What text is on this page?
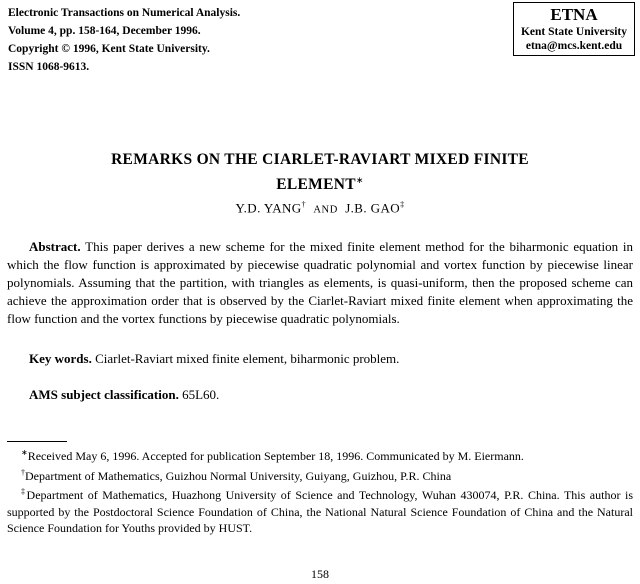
Electronic Transactions on Numerical Analysis.
Volume 4, pp. 158-164, December 1996.
Copyright © 1996, Kent State University.
ISSN 1068-9613.
ETNA
Kent State University
etna@mcs.kent.edu
REMARKS ON THE CIARLET-RAVIART MIXED FINITE
ELEMENT∗
Y.D. YANG† AND J.B. GAO‡
Abstract. This paper derives a new scheme for the mixed finite element method for the biharmonic equation in which the flow function is approximated by piecewise quadratic polynomial and vortex function by piecewise linear polynomials. Assuming that the partition, with triangles as elements, is quasi-uniform, then the proposed scheme can achieve the approximation order that is observed by the Ciarlet-Raviart mixed finite element when approximating the flow function and the vortex functions by piecewise quadratic polynomials.
Key words. Ciarlet-Raviart mixed finite element, biharmonic problem.
AMS subject classification. 65L60.

∗Received May 6, 1996. Accepted for publication September 18, 1996. Communicated by M. Eiermann.

†Department of Mathematics, Guizhou Normal University, Guiyang, Guizhou, P.R. China

‡Department of Mathematics, Huazhong University of Science and Technology, Wuhan 430074, P.R. China. This author is supported by the Postdoctoral Science Foundation of China, the National Natural Science Foundation of China and the Natural Science Foundation for Youths provided by HUST.

158
